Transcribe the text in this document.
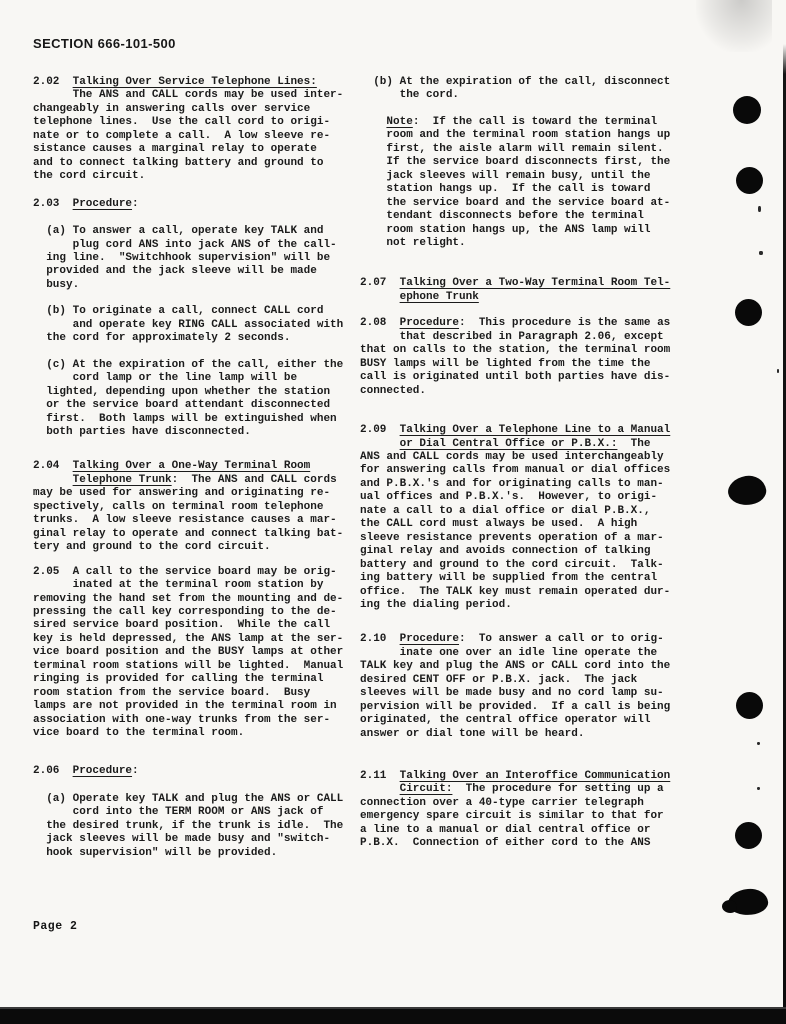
SECTION 666-101-500
2.02  Talking Over Service Telephone Lines:
The ANS and CALL cords may be used inter-
changeably in answering calls over service
telephone lines.  Use the call cord to origi-
nate or to complete a call.  A low sleeve re-
sistance causes a marginal relay to operate
and to connect talking battery and ground to
the cord circuit.
2.03  Procedure:
(a) To answer a call, operate key TALK and
plug cord ANS into jack ANS of the call-
ing line.  "Switchhook supervision" will be
provided and the jack sleeve will be made
busy.
(b) To originate a call, connect CALL cord
and operate key RING CALL associated with
the cord for approximately 2 seconds.
(c) At the expiration of the call, either the
cord lamp or the line lamp will be
lighted, depending upon whether the station
or the service board attendant disconnected
first.  Both lamps will be extinguished when
both parties have disconnected.
2.04  Talking Over a One-Way Terminal Room
Telephone Trunk:  The ANS and CALL cords
may be used for answering and originating re-
spectively, calls on terminal room telephone
trunks.  A low sleeve resistance causes a mar-
ginal relay to operate and connect talking bat-
tery and ground to the cord circuit.
2.05  A call to the service board may be orig-
inated at the terminal room station by
removing the hand set from the mounting and de-
pressing the call key corresponding to the de-
sired service board position.  While the call
key is held depressed, the ANS lamp at the ser-
vice board position and the BUSY lamps at other
terminal room stations will be lighted.  Manual
ringing is provided for calling the terminal
room station from the service board.  Busy
lamps are not provided in the terminal room in
association with one-way trunks from the ser-
vice board to the terminal room.
2.06  Procedure:
(a) Operate key TALK and plug the ANS or CALL
cord into the TERM ROOM or ANS jack of
the desired trunk, if the trunk is idle.  The
jack sleeves will be made busy and "switch-
hook supervision" will be provided.
(b) At the expiration of the call, disconnect
the cord.
Note:  If the call is toward the terminal
room and the terminal room station hangs up
first, the aisle alarm will remain silent.
If the service board disconnects first, the
jack sleeves will remain busy, until the
station hangs up.  If the call is toward
the service board and the service board at-
tendant disconnects before the terminal
room station hangs up, the ANS lamp will
not relight.
2.07  Talking Over a Two-Way Terminal Room Tel-
ephone Trunk
2.08  Procedure:  This procedure is the same as
that described in Paragraph 2.06, except
that on calls to the station, the terminal room
BUSY lamps will be lighted from the time the
call is originated until both parties have dis-
connected.
2.09  Talking Over a Telephone Line to a Manual
or Dial Central Office or P.B.X.:  The
ANS and CALL cords may be used interchangeably
for answering calls from manual or dial offices
and P.B.X.'s and for originating calls to man-
ual offices and P.B.X.'s.  However, to origi-
nate a call to a dial office or dial P.B.X.,
the CALL cord must always be used.  A high
sleeve resistance prevents operation of a mar-
ginal relay and avoids connection of talking
battery and ground to the cord circuit.  Talk-
ing battery will be supplied from the central
office.  The TALK key must remain operated dur-
ing the dialing period.
2.10  Procedure:  To answer a call or to orig-
inate one over an idle line operate the
TALK key and plug the ANS or CALL cord into the
desired CENT OFF or P.B.X. jack.  The jack
sleeves will be made busy and no cord lamp su-
pervision will be provided.  If a call is being
originated, the central office operator will
answer or dial tone will be heard.
2.11  Talking Over an Interoffice Communication
Circuit:  The procedure for setting up a
connection over a 40-type carrier telegraph
emergency spare circuit is similar to that for
a line to a manual or dial central office or
P.B.X.  Connection of either cord to the ANS
Page 2
